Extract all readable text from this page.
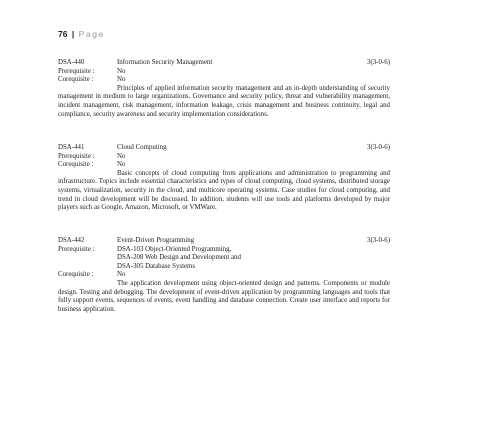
76 | Page
DSA-440	Information Security Management	3(3-0-6)
Prerequisite :	No
Corequisite :	No

Principles of applied information security management and an in-depth understanding of security management in medium to large organizations. Governance and security policy, threat and vulnerability management, incident management, risk management, information leakage, crisis management and business continuity, legal and compliance, security awareness and security implementation considerations.

DSA-441	Cloud Computing	3(3-0-6)
Prerequisite :	No
Corequisite :	No

Basic concepts of cloud computing from applications and administration to programming and infrastructure. Topics include essential characteristics and types of cloud computing, cloud systems, distributed storage systems, virtualization, security in the cloud, and multicore operating systems. Case studies for cloud computing, and trend in cloud development will be discussed. In addition, students will use tools and platforms developed by major players such as Google, Amazon, Microsoft, or VMWare.

DSA-442	Event-Driven Programming	3(3-0-6)
Prerequisite :	DSA-103 Object-Oriented Programming,
DSA-208 Web Design and Development and
DSA-305 Database Systems
Corequisite :	No

The application development using object-oriented design and patterns. Components or module design. Testing and debugging. The development of event-driven application by programming languages and tools that fully support events, sequences of events, event handling and database connection. Create user interface and reports for business application.
